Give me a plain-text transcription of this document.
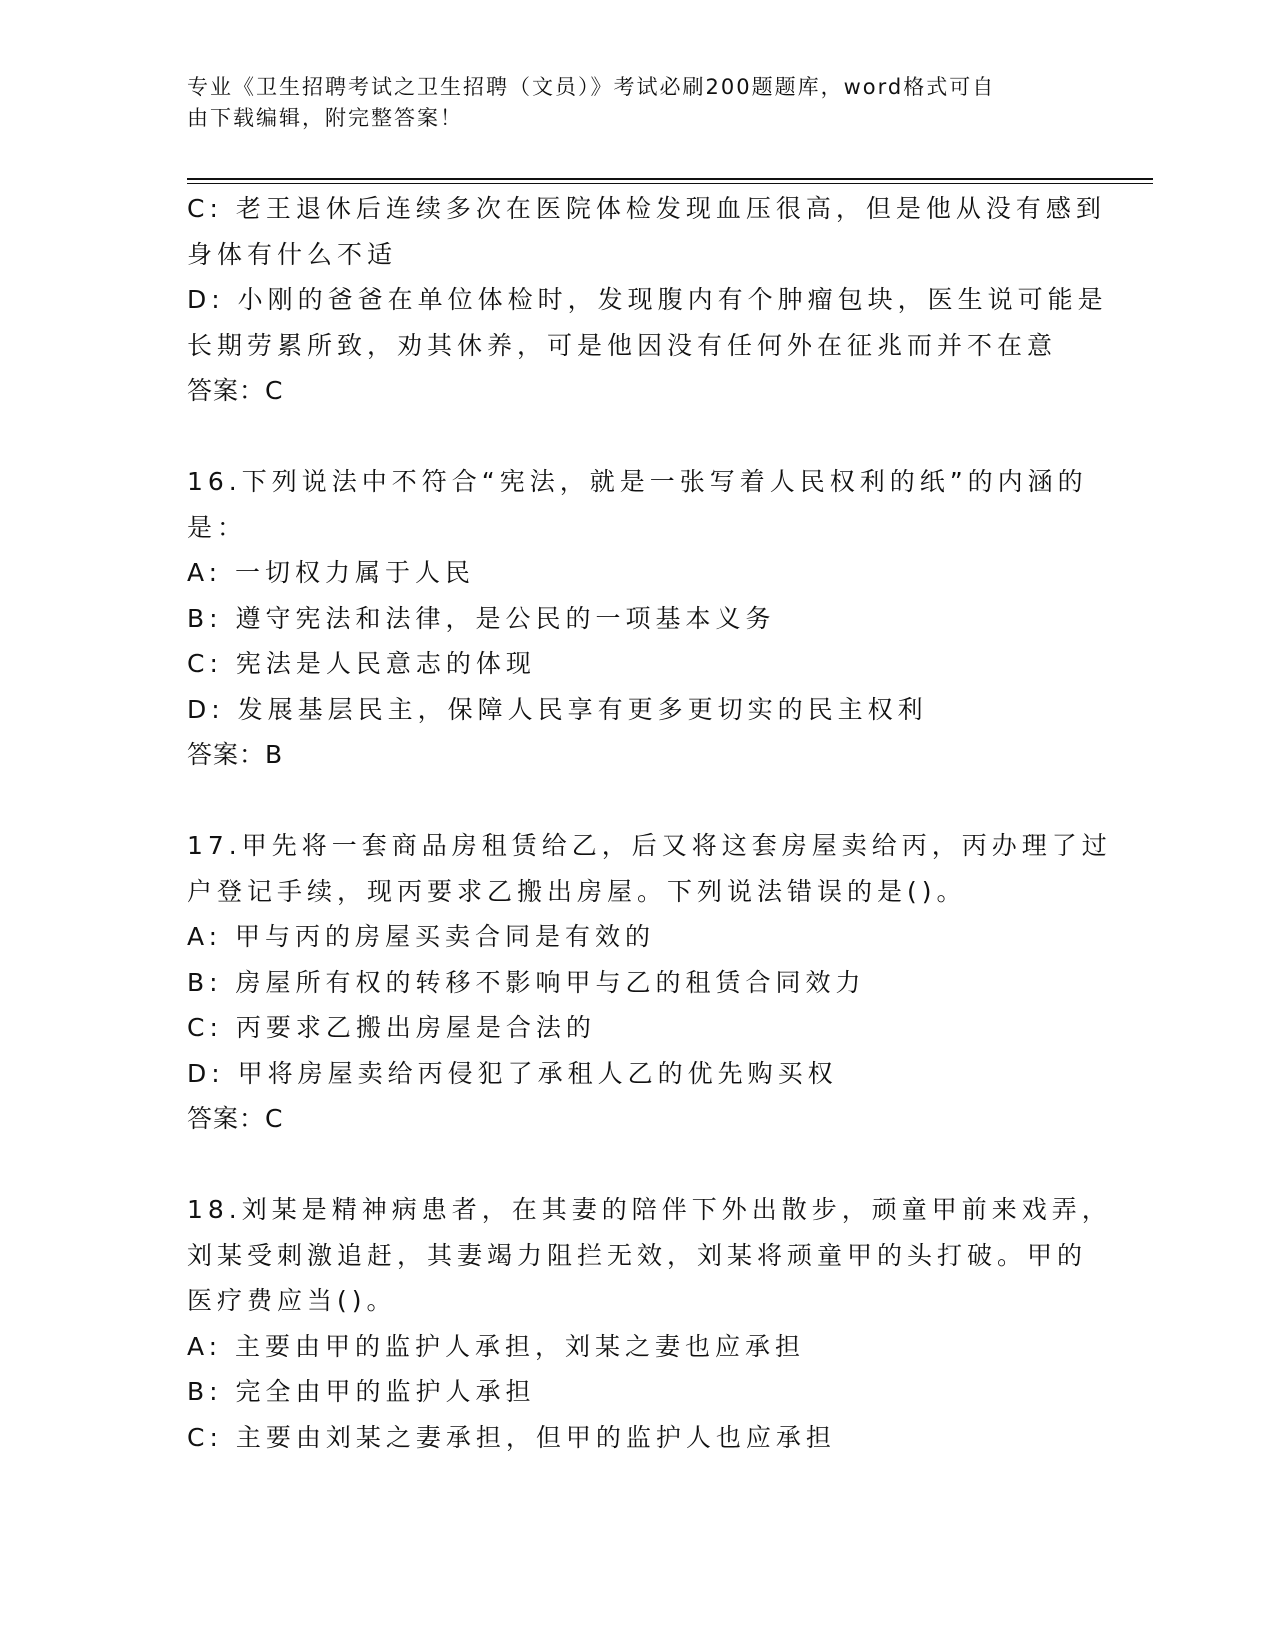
专业《卫生招聘考试之卫生招聘（文员）》考试必刷200题题库，word格式可自
由下载编辑，附完整答案！
C: 老王退休后连续多次在医院体检发现血压很高，但是他从没有感到
身体有什么不适
D: 小刚的爸爸在单位体检时，发现腹内有个肿瘤包块，医生说可能是
长期劳累所致，劝其休养，可是他因没有任何外在征兆而并不在意
答案：C
16.下列说法中不符合“宪法，就是一张写着人民权利的纸”的内涵的
是：
A: 一切权力属于人民
B: 遵守宪法和法律，是公民的一项基本义务
C: 宪法是人民意志的体现
D: 发展基层民主，保障人民享有更多更切实的民主权利
答案：B
17.甲先将一套商品房租赁给乙，后又将这套房屋卖给丙，丙办理了过
户登记手续，现丙要求乙搬出房屋。下列说法错误的是()。
A: 甲与丙的房屋买卖合同是有效的
B: 房屋所有权的转移不影响甲与乙的租赁合同效力
C: 丙要求乙搬出房屋是合法的
D: 甲将房屋卖给丙侵犯了承租人乙的优先购买权
答案：C
18.刘某是精神病患者，在其妻的陪伴下外出散步，顽童甲前来戏弄，
刘某受刺激追赶，其妻竭力阻拦无效，刘某将顽童甲的头打破。甲的
医疗费应当()。
A: 主要由甲的监护人承担，刘某之妻也应承担
B: 完全由甲的监护人承担
C: 主要由刘某之妻承担，但甲的监护人也应承担
